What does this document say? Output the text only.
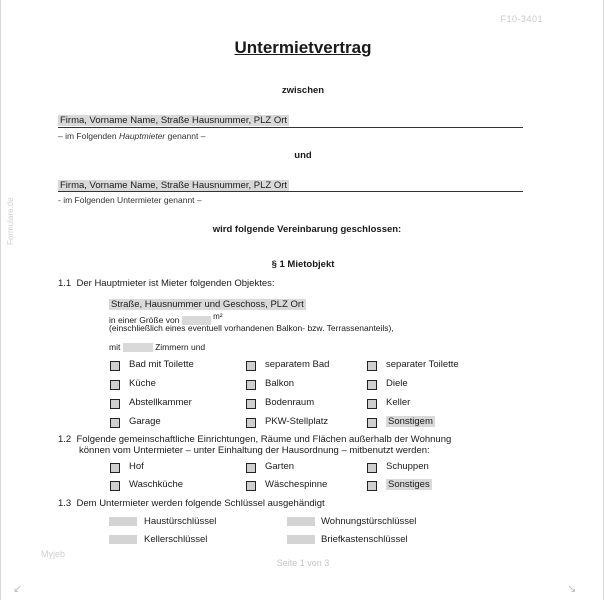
F10-3401
Untermietvertrag
zwischen
Firma, Vorname Name, Straße Hausnummer, PLZ Ort
– im Folgenden Hauptmieter genannt –
und
Firma, Vorname Name, Straße Hausnummer, PLZ Ort
- im Folgenden Untermieter genannt –
wird folgende Vereinbarung geschlossen:
§ 1 Mietobjekt
1.1 Der Hauptmieter ist Mieter folgenden Objektes:
Straße, Hausnummer und Geschoss, PLZ Ort
in einer Größe von	m²
(einschließlich eines eventuell vorhandenen Balkon- bzw. Terrassenanteils),
mit	Zimmern und
Bad mit Toilette	separatem Bad	separater Toilette
Küche	Balkon	Diele
Abstellkammer	Bodenraum	Keller
Garage	PKW-Stellplatz	Sonstigem
1.2 Folgende gemeinschaftliche Einrichtungen, Räume und Flächen außerhalb der Wohnung
können vom Untermieter – unter Einhaltung der Hausordnung – mitbenutzt werden:
Hof	Garten	Schuppen
Waschküche	Wäschespinne	Sonstiges
1.3 Dem Untermieter werden folgende Schlüssel ausgehändigt
Haustürschlüssel	Wohnungstürschlüssel
Kellerschlüssel	Briefkastenschlüssel
Formulare.de
Myjeb
Seite 1 von 3
↙	↘
